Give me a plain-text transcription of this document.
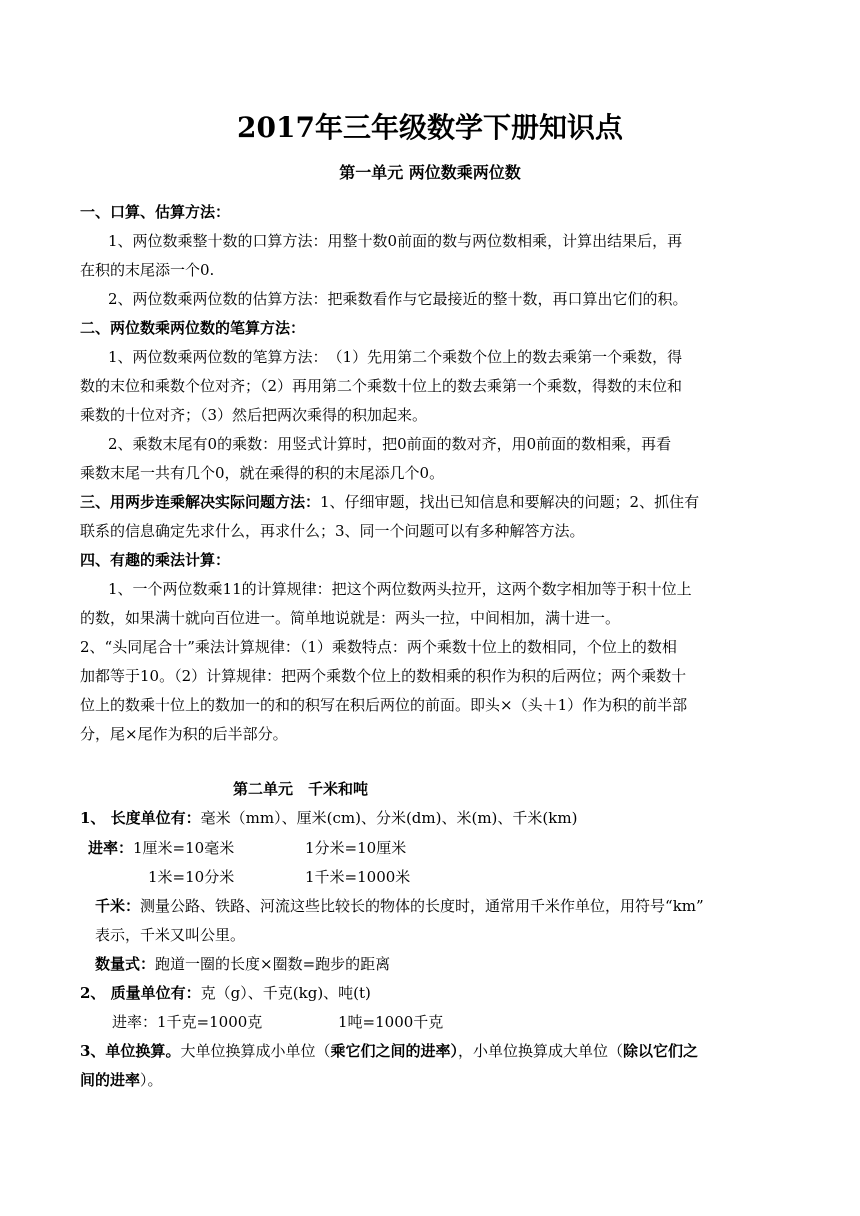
2017年三年级数学下册知识点
第一单元 两位数乘两位数
一、口算、估算方法：
1、两位数乘整十数的口算方法：用整十数0前面的数与两位数相乘，计算出结果后，再
在积的末尾添一个0.
2、两位数乘两位数的估算方法：把乘数看作与它最接近的整十数，再口算出它们的积。
二、两位数乘两位数的笔算方法：
1、两位数乘两位数的笔算方法：　（1）先用第二个乘数个位上的数去乘第一个乘数，得
数的末位和乘数个位对齐；（2）再用第二个乘数十位上的数去乘第一个乘数，得数的末位和
乘数的十位对齐；（3）然后把两次乘得的积加起来。
2、乘数末尾有0的乘数：用竖式计算时，把0前面的数对齐，用0前面的数相乘，再看
乘数末尾一共有几个0，就在乘得的积的末尾添几个0。
三、用两步连乘解决实际问题方法：1、仔细审题，找出已知信息和要解决的问题；2、抓住有
联系的信息确定先求什么，再求什么；3、同一个问题可以有多种解答方法。
四、有趣的乘法计算：
1、一个两位数乘11的计算规律：把这个两位数两头拉开，这两个数字相加等于积十位上
的数，如果满十就向百位进一。简单地说就是：两头一拉，中间相加，满十进一。
2、“头同尾合十”乘法计算规律：（1）乘数特点：两个乘数十位上的数相同，个位上的数相
加都等于10。（2）计算规律：把两个乘数个位上的数相乘的积作为积的后两位；两个乘数十
位上的数乘十位上的数加一的和的积写在积后两位的前面。即头×（头＋1）作为积的前半部
分，尾×尾作为积的后半部分。
第二单元　千米和吨
1、 长度单位有：毫米（mm）、厘米(cm)、分米(dm)、米(m)、千米(km)
进率：1厘米=10毫米	1分米=10厘米
1米=10分米	1千米=1000米
千米：测量公路、铁路、河流这些比较长的物体的长度时，通常用千米作单位，用符号“km”
表示，千米又叫公里。
数量式：跑道一圈的长度×圈数=跑步的距离
2、 质量单位有：克（g）、千克(kg)、吨(t)
进率：1千克=1000克	1吨=1000千克
3、单位换算。大单位换算成小单位（乘它们之间的进率），小单位换算成大单位（除以它们之
间的进率）。
